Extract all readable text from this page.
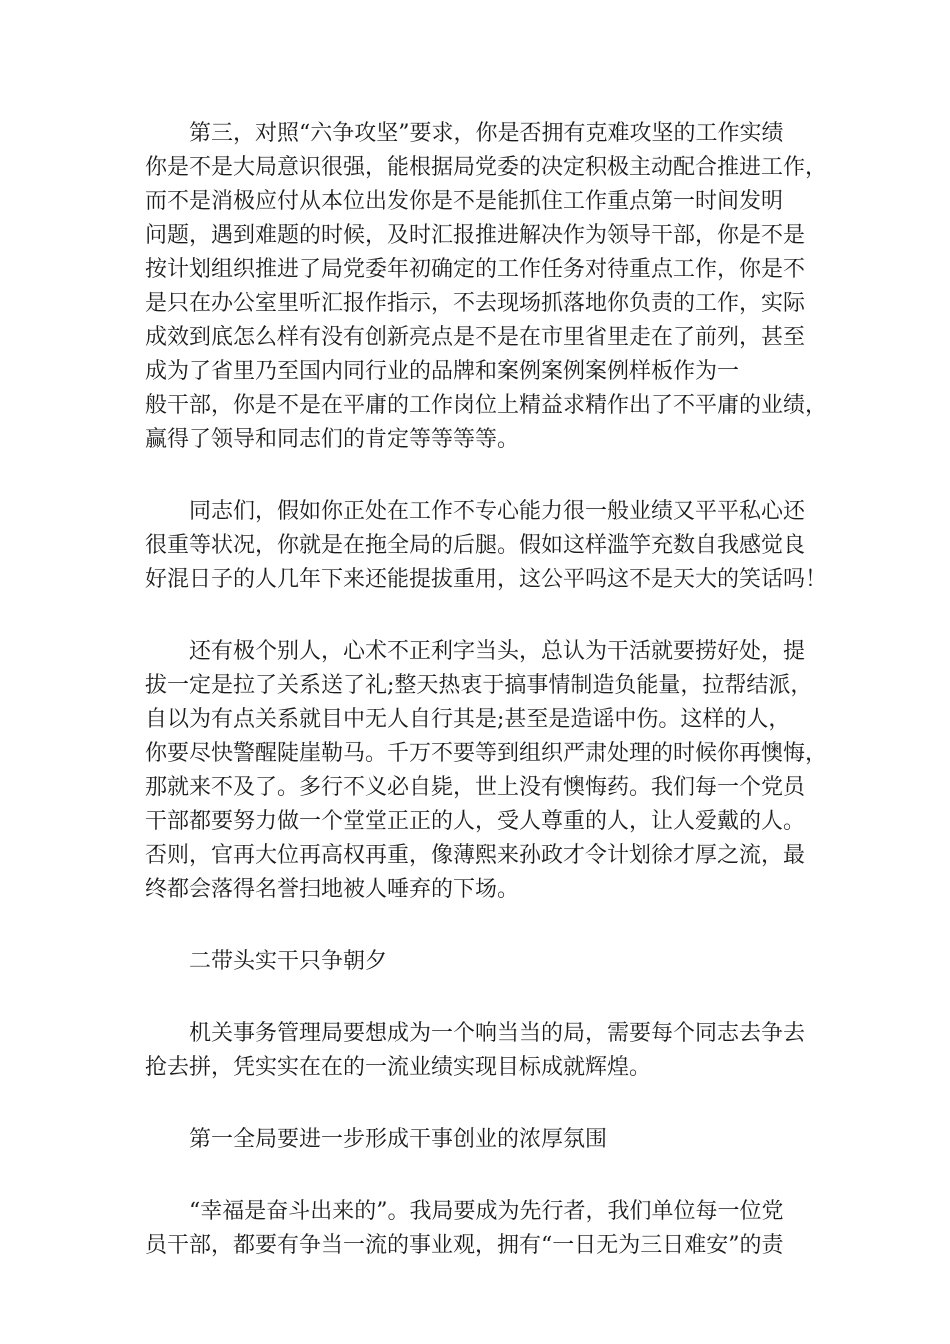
第三，对照“六争攻坚”要求，你是否拥有克难攻坚的工作实绩
你是不是大局意识很强，能根据局党委的决定积极主动配合推进工作，
而不是消极应付从本位出发你是不是能抓住工作重点第一时间发明
问题，遇到难题的时候，及时汇报推进解决作为领导干部，你是不是
按计划组织推进了局党委年初确定的工作任务对待重点工作，你是不
是只在办公室里听汇报作指示，不去现场抓落地你负责的工作，实际
成效到底怎么样有没有创新亮点是不是在市里省里走在了前列，甚至
成为了省里乃至国内同行业的品牌和案例案例案例样板作为一
般干部，你是不是在平庸的工作岗位上精益求精作出了不平庸的业绩，
赢得了领导和同志们的肯定等等等等。
同志们，假如你正处在工作不专心能力很一般业绩又平平私心还
很重等状况，你就是在拖全局的后腿。假如这样滥竽充数自我感觉良
好混日子的人几年下来还能提拔重用，这公平吗这不是天大的笑话吗！
还有极个别人，心术不正利字当头，总认为干活就要捞好处，提
拔一定是拉了关系送了礼;整天热衷于搞事情制造负能量，拉帮结派，
自以为有点关系就目中无人自行其是;甚至是造谣中伤。这样的人，
你要尽快警醒陡崖勒马。千万不要等到组织严肃处理的时候你再懊悔，
那就来不及了。多行不义必自毙，世上没有懊悔药。我们每一个党员
干部都要努力做一个堂堂正正的人，受人尊重的人，让人爱戴的人。
否则，官再大位再高权再重，像薄熙来孙政才令计划徐才厚之流，最
终都会落得名誉扫地被人唾弃的下场。
二带头实干只争朝夕
机关事务管理局要想成为一个响当当的局，需要每个同志去争去
抢去拼，凭实实在在的一流业绩实现目标成就辉煌。
第一全局要进一步形成干事创业的浓厚氛围
“幸福是奋斗出来的”。我局要成为先行者，我们单位每一位党
员干部，都要有争当一流的事业观，拥有“一日无为三日难安”的责
